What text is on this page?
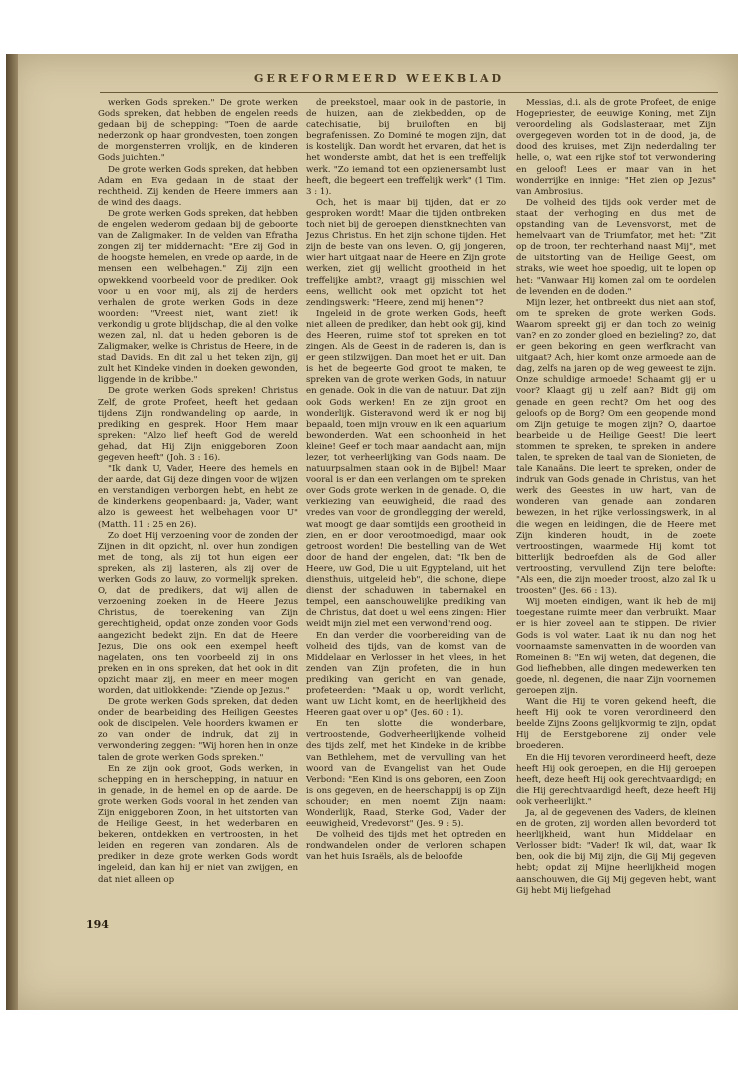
GEREFORMEERD WEEKBLAD

werken Gods spreken." De grote werken Gods spreken, dat hebben de engelen reeds gedaan bij de schepping: "Toen de aarde nederzonk op haar grondvesten, toen zongen de morgensterren vrolijk, en de kinderen Gods juichten."

De grote werken Gods spreken, dat hebben Adam en Eva gedaan in de staat der rechtheid. Zij kenden de Heere immers aan de wind des daags.

De grote werken Gods spreken, dat hebben de engelen wederom gedaan bij de geboorte van de Zaligmaker. In de velden van Efratha zongen zij ter middernacht: "Ere zij God in de hoogste hemelen, en vrede op aarde, in de mensen een welbehagen." Zij zijn een opwekkend voorbeeld voor de prediker. Ook voor u en voor mij, als zij de herders verhalen de grote werken Gods in deze woorden: "Vreest niet, want ziet! ik verkondig u grote blijdschap, die al den volke wezen zal, nl. dat u heden geboren is de Zaligmaker, welke is Christus de Heere, in de stad Davids. En dit zal u het teken zijn, gij zult het Kindeke vinden in doeken gewonden, liggende in de kribbe."

De grote werken Gods spreken! Christus Zelf, de grote Profeet, heeft het gedaan tijdens Zijn rondwandeling op aarde, in prediking en gesprek. Hoor Hem maar spreken: "Alzo lief heeft God de wereld gehad, dat Hij Zijn eniggeboren Zoon gegeven heeft" (Joh. 3 : 16).

"Ik dank U, Vader, Heere des hemels en der aarde, dat Gij deze dingen voor de wijzen en verstandigen verborgen hebt, en hebt ze de kinderkens geopenbaard: ja, Vader, want alzo is geweest het welbehagen voor U" (Matth. 11 : 25 en 26).

Zo doet Hij verzoening voor de zonden der Zijnen in dit opzicht, nl. over hun zondigen met de tong, als zij tot hun eigen eer spreken, als zij lasteren, als zij over de werken Gods zo lauw, zo vormelijk spreken. O, dat de predikers, dat wij allen de verzoening zoeken in de Heere Jezus Christus, de toerekening van Zijn gerechtigheid, opdat onze zonden voor Gods aangezicht bedekt zijn. En dat de Heere Jezus, Die ons ook een exempel heeft nagelaten, ons ten voorbeeld zij in ons preken en in ons spreken, dat het ook in dit opzicht maar zij, en meer en meer mogen worden, dat uitlokkende: "Ziende op Jezus."

De grote werken Gods spreken, dat deden onder de bearbeiding des Heiligen Geestes ook de discipelen. Vele hoorders kwamen er zo van onder de indruk, dat zij in verwondering zeggen: "Wij horen hen in onze talen de grote werken Gods spreken."

En ze zijn ook groot, Gods werken, in schepping en in herschepping, in natuur en in genade, in de hemel en op de aarde. De grote werken Gods vooral in het zenden van Zijn eniggeboren Zoon, in het uitstorten van de Heilige Geest, in het wederbaren en bekeren, ontdekken en vertroosten, in het leiden en regeren van zondaren. Als de prediker in deze grote werken Gods wordt ingeleid, dan kan hij er niet van zwijgen, en dat niet alleen op

de preekstoel, maar ook in de pastorie, in de huizen, aan de ziekbedden, op de catechisatie, bij bruiloften en bij begrafenissen. Zo Dominé te mogen zijn, dat is kostelijk. Dan wordt het ervaren, dat het is het wonderste ambt, dat het is een treffelijk werk. "Zo iemand tot een opzienersambt lust heeft, die begeert een treffelijk werk" (1 Tim. 3 : 1).

Och, het is maar bij tijden, dat er zo gesproken wordt! Maar die tijden ontbreken toch niet bij de geroepen dienstknechten van Jezus Christus. En het zijn schone tijden. Het zijn de beste van ons leven. O, gij jongeren, wier hart uitgaat naar de Heere en Zijn grote werken, ziet gij wellicht grootheid in het treffelijke ambt?, vraagt gij misschien wel eens, wellicht ook met opzicht tot het zendingswerk: "Heere, zend mij henen"?

Ingeleid in de grote werken Gods, heeft niet alleen de prediker, dan hebt ook gij, kind des Heeren, ruime stof tot spreken en tot zingen. Als de Geest in de raderen is, dan is er geen stilzwijgen. Dan moet het er uit. Dan is het de begeerte God groot te maken, te spreken van de grote werken Gods, in natuur en genade. Ook in die van de natuur. Dat zijn ook Gods werken! En ze zijn groot en wonderlijk. Gisteravond werd ik er nog bij bepaald, toen mijn vrouw en ik een aquarium bewonderden. Wat een schoonheid in het kleine! Geef er toch maar aandacht aan, mijn lezer, tot verheerlijking van Gods naam. De natuurpsalmen staan ook in de Bijbel! Maar vooral is er dan een verlangen om te spreken over Gods grote werken in de genade. O, die verkiezing van eeuwigheid, die raad des vredes van voor de grondlegging der wereld, wat moogt ge daar somtijds een grootheid in zien, en er door verootmoedigd, maar ook getroost worden! Die bestelling van de Wet door de hand der engelen, dat: "Ik ben de Heere, uw God, Die u uit Egypteland, uit het diensthuis, uitgeleid heb", die schone, diepe dienst der schaduwen in tabernakel en tempel, een aanschouwelijke prediking van de Christus, dat doet u wel eens zingen: Hier weidt mijn ziel met een verwond'rend oog.

En dan verder die voorbereiding van de volheid des tijds, van de komst van de Middelaar en Verlosser in het vlees, in het zenden van Zijn profeten, die in hun prediking van gericht en van genade, profeteerden: "Maak u op, wordt verlicht, want uw Licht komt, en de heerlijkheid des Heeren gaat over u op" (Jes. 60 : 1).

En ten slotte die wonderbare, vertroostende, Godverheerlijkende volheid des tijds zelf, met het Kindeke in de kribbe van Bethlehem, met de vervulling van het woord van de Evangelist van het Oude Verbond: "Een Kind is ons geboren, een Zoon is ons gegeven, en de heerschappij is op Zijn schouder; en men noemt Zijn naam: Wonderlijk, Raad, Sterke God, Vader der eeuwigheid, Vredevorst" (Jes. 9 : 5).

De volheid des tijds met het optreden en rondwandelen onder de verloren schapen van het huis Israëls, als de beloofde

Messias, d.i. als de grote Profeet, de enige Hogepriester, de eeuwige Koning, met Zijn veroordeling als Godslasteraar, met Zijn overgegeven worden tot in de dood, ja, de dood des kruises, met Zijn nederdaling ter helle, o, wat een rijke stof tot verwondering en geloof! Lees er maar van in het wonderrijke en innige: "Het zien op Jezus" van Ambrosius.

De volheid des tijds ook verder met de staat der verhoging en dus met de opstanding van de Levensvorst, met de hemelvaart van de Triumfator, met het: "Zit op de troon, ter rechterhand naast Mij", met de uitstorting van de Heilige Geest, om straks, wie weet hoe spoedig, uit te lopen op het: "Vanwaar Hij komen zal om te oordelen de levenden en de doden."

Mijn lezer, het ontbreekt dus niet aan stof, om te spreken de grote werken Gods. Waarom spreekt gij er dan toch zo weinig van? en zo zonder gloed en bezieling? zo, dat er geen bekoring en geen werfkracht van uitgaat? Ach, hier komt onze armoede aan de dag, zelfs na jaren op de weg geweest te zijn. Onze schuldige armoede! Schaamt gij er u voor? Klaagt gij u zelf aan? Bidt gij om genade en geen recht? Om het oog des geloofs op de Borg? Om een geopende mond om Zijn getuige te mogen zijn? O, daartoe bearbeide u de Heilige Geest! Die leert stommen te spreken, te spreken in andere talen, te spreken de taal van de Sionieten, de tale Kanaäns. Die leert te spreken, onder de indruk van Gods genade in Christus, van het werk des Geestes in uw hart, van de wonderen van genade aan zondaren bewezen, in het rijke verlossingswerk, in al die wegen en leidingen, die de Heere met Zijn kinderen houdt, in de zoete vertroostingen, waarmede Hij komt tot bitterlijk bedroefden als de God aller vertroosting, vervullend Zijn tere belofte: "Als een, die zijn moeder troost, alzo zal Ik u troosten" (Jes. 66 : 13).

Wij moeten eindigen, want ik heb de mij toegestane ruimte meer dan verbruikt. Maar er is hier zoveel aan te stippen. De rivier Gods is vol water. Laat ik nu dan nog het voornaamste samenvatten in de woorden van Romeinen 8: "En wij weten, dat degenen, die God liefhebben, alle dingen medewerken ten goede, nl. degenen, die naar Zijn voornemen geroepen zijn.

Want die Hij te voren gekend heeft, die heeft Hij ook te voren verordineerd den beelde Zijns Zoons gelijkvormig te zijn, opdat Hij de Eerstgeborene zij onder vele broederen.

En die Hij tevoren verordineerd heeft, deze heeft Hij ook geroepen, en die Hij geroepen heeft, deze heeft Hij ook gerechtvaardigd; en die Hij gerechtvaardigd heeft, deze heeft Hij ook verheerlijkt."

Ja, al de gegevenen des Vaders, de kleinen en de groten, zij worden allen bevorderd tot heerlijkheid, want hun Middelaar en Verlosser bidt: "Vader! Ik wil, dat, waar Ik ben, ook die bij Mij zijn, die Gij Mij gegeven hebt; opdat zij Mijne heerlijkheid mogen aanschouwen, die Gij Mij gegeven hebt, want Gij hebt Mij liefgehad

194
